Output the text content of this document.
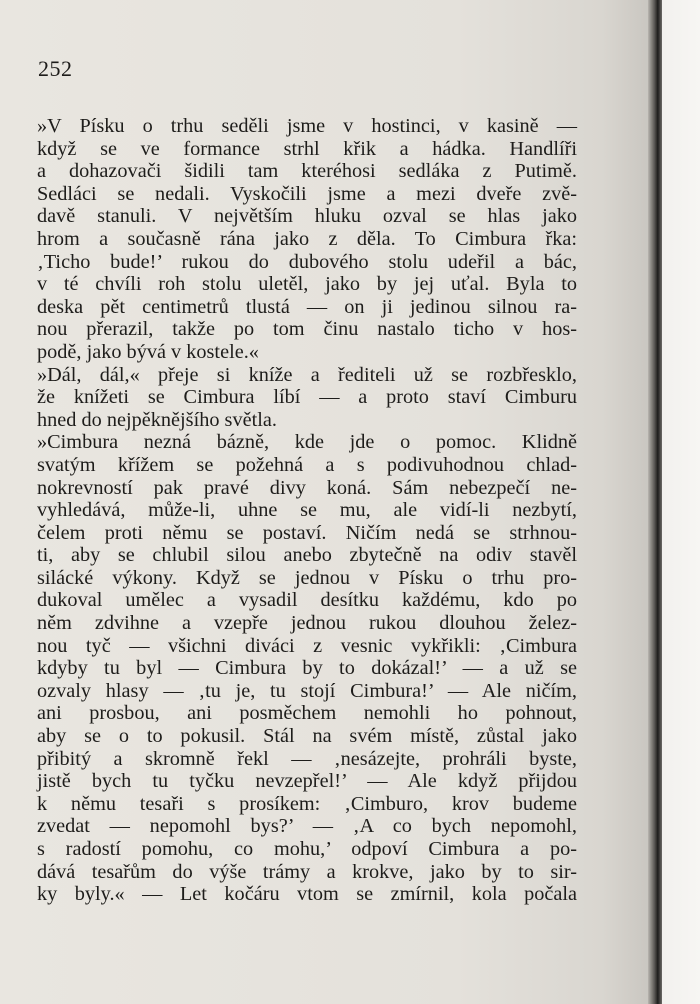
252
»V Písku o trhu seděli jsme v hostinci, v kasině —
když se ve formance strhl křik a hádka. Handlíři
a dohazovači šidili tam kteréhosi sedláka z Putimě.
Sedláci se nedali. Vyskočili jsme a mezi dveře zvě-
davě stanuli. V největším hluku ozval se hlas jako
hrom a současně rána jako z děla. To Cimbura řka:
‚Ticho bude!’ rukou do dubového stolu udeřil a bác,
v té chvíli roh stolu uletěl, jako by jej uťal. Byla to
deska pět centimetrů tlustá — on ji jedinou silnou ra-
nou přerazil, takže po tom činu nastalo ticho v hos-
podě, jako bývá v kostele.«
»Dál, dál,« přeje si kníže a řediteli už se rozbřesklo,
že knížeti se Cimbura líbí — a proto staví Cimburu
hned do nejpěknějšího světla.
»Cimbura nezná bázně, kde jde o pomoc. Klidně
svatým křížem se požehná a s podivuhodnou chlad-
nokrevností pak pravé divy koná. Sám nebezpečí ne-
vyhledává, může-li, uhne se mu, ale vidí-li nezbytí,
čelem proti němu se postaví. Ničím nedá se strhnou-
ti, aby se chlubil silou anebo zbytečně na odiv stavěl
silácké výkony. Když se jednou v Písku o trhu pro-
dukoval umělec a vysadil desítku každému, kdo po
něm zdvihne a vzepře jednou rukou dlouhou želez-
nou tyč — všichni diváci z vesnic vykřikli: ‚Cimbura
kdyby tu byl — Cimbura by to dokázal!’ — a už se
ozvaly hlasy — ‚tu je, tu stojí Cimbura!’ — Ale ničím,
ani prosbou, ani posměchem nemohli ho pohnout,
aby se o to pokusil. Stál na svém místě, zůstal jako
přibitý a skromně řekl — ‚nesázejte, prohráli byste,
jistě bych tu tyčku nevzepřel!’ — Ale když přijdou
k němu tesaři s prosíkem: ‚Cimburo, krov budeme
zvedat — nepomohl bys?’ — ‚A co bych nepomohl,
s radostí pomohu, co mohu,’ odpoví Cimbura a po-
dává tesařům do výše trámy a krokve, jako by to sir-
ky byly.« — Let kočáru vtom se zmírnil, kola počala
